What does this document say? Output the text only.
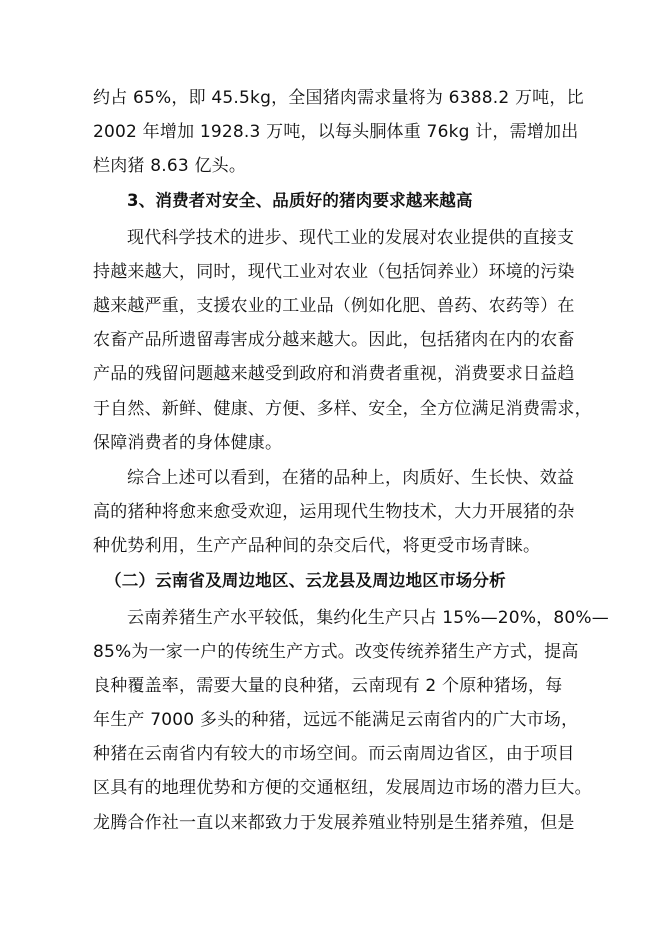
约占 65%，即 45.5kg，全国猪肉需求量将为 6388.2 万吨，比
2002 年增加 1928.3 万吨，以每头胴体重 76kg 计，需增加出
栏肉猪 8.63 亿头。
3、消费者对安全、品质好的猪肉要求越来越高
现代科学技术的进步、现代工业的发展对农业提供的直接支
持越来越大，同时，现代工业对农业（包括饲养业）环境的污染
越来越严重，支援农业的工业品（例如化肥、兽药、农药等）在
农畜产品所遗留毒害成分越来越大。因此，包括猪肉在内的农畜
产品的残留问题越来越受到政府和消费者重视，消费要求日益趋
于自然、新鲜、健康、方便、多样、安全，全方位满足消费需求，
保障消费者的身体健康。
综合上述可以看到，在猪的品种上，肉质好、生长快、效益
高的猪种将愈来愈受欢迎，运用现代生物技术，大力开展猪的杂
种优势利用，生产产品种间的杂交后代，将更受市场青睐。
（二）云南省及周边地区、云龙县及周边地区市场分析
云南养猪生产水平较低，集约化生产只占 15%—20%，80%—
85%为一家一户的传统生产方式。改变传统养猪生产方式，提高
良种覆盖率，需要大量的良种猪，云南现有 2 个原种猪场，每
年生产 7000 多头的种猪，远远不能满足云南省内的广大市场，
种猪在云南省内有较大的市场空间。而云南周边省区，由于项目
区具有的地理优势和方便的交通枢纽，发展周边市场的潜力巨大。
龙腾合作社一直以来都致力于发展养殖业特别是生猪养殖，但是
